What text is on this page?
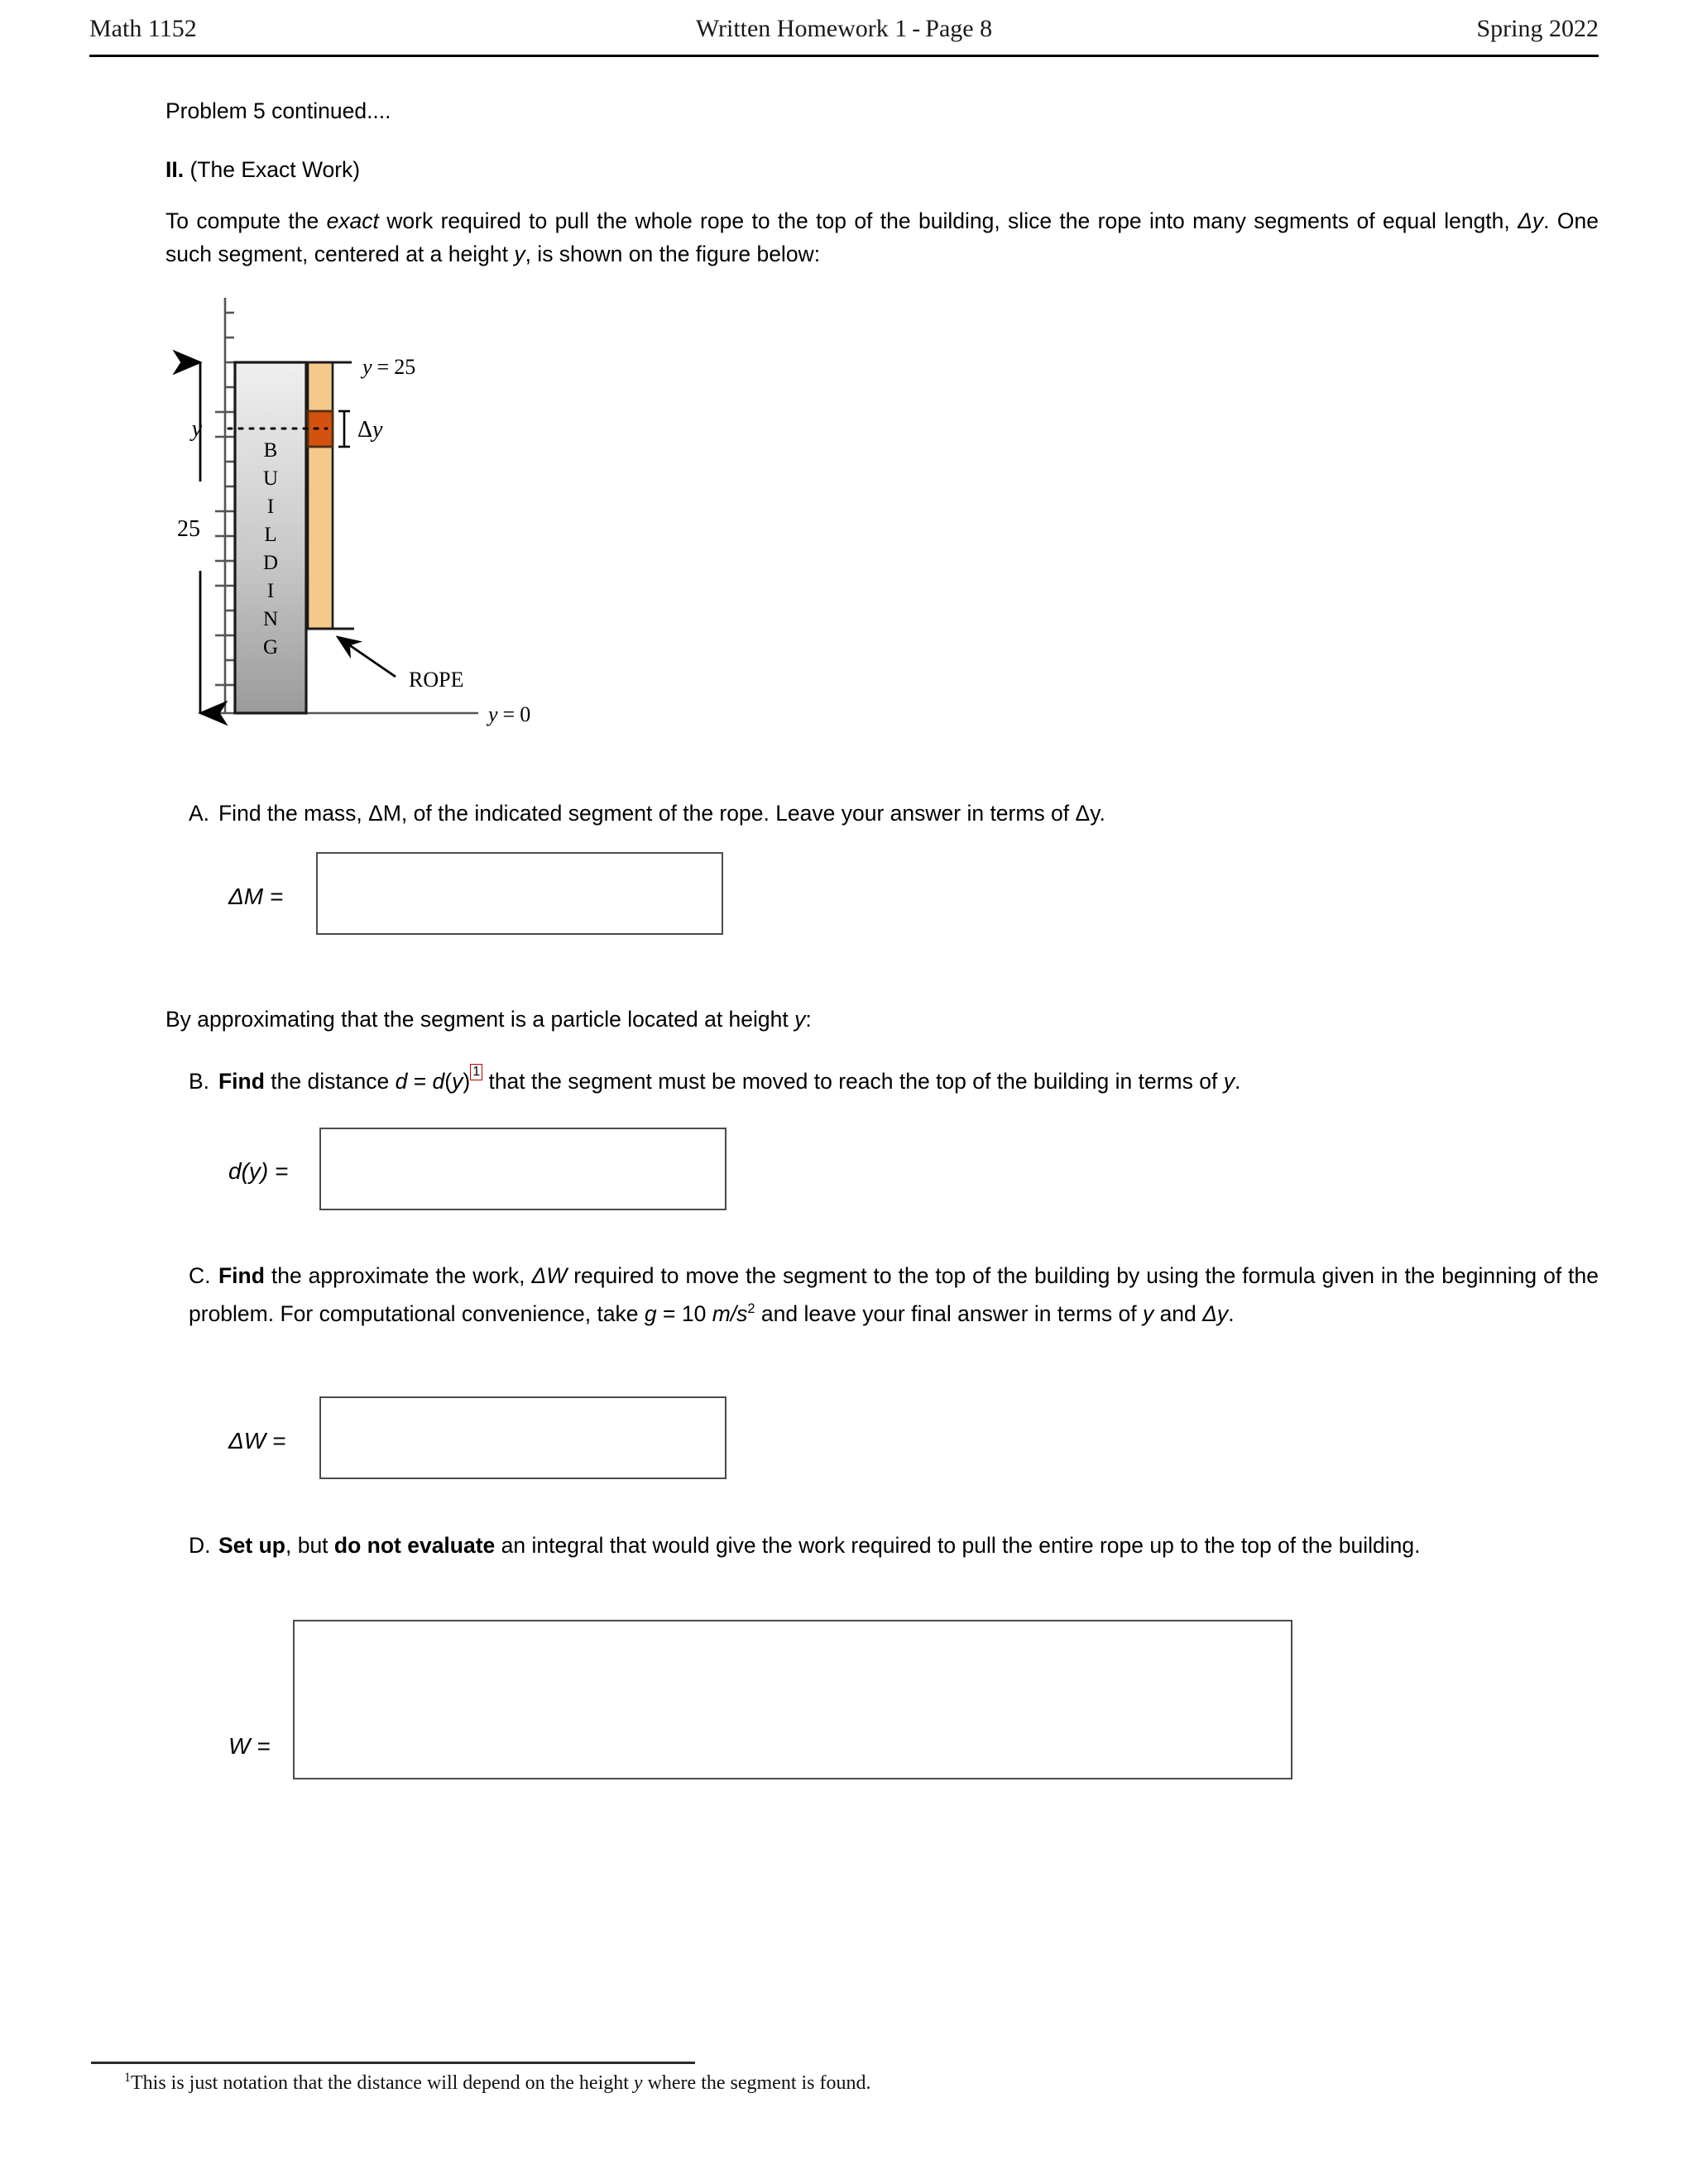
Math 1152	Written Homework 1 - Page 8	Spring 2022
Problem 5 continued....
II. (The Exact Work)
To compute the exact work required to pull the whole rope to the top of the building, slice the rope into many segments of equal length, Δy. One such segment, centered at a height y, is shown on the figure below:
y = 25
y = 0
Δy
y
25
ROPE
B
U
I
L
D
I
N
G
A. Find the mass, ΔM, of the indicated segment of the rope. Leave your answer in terms of Δy.
ΔM =
By approximating that the segment is a particle located at height y:
B. Find the distance d = d(y) 1 that the segment must be moved to reach the top of the building in terms of y.
d(y) =
C. Find the approximate the work, ΔW required to move the segment to the top of the building by using the formula given in the beginning of the problem. For computational convenience, take g = 10 $m/s^2$ and leave your final answer in terms of y and Δy.
ΔW =
D. Set up, but do not evaluate an integral that would give the work required to pull the entire rope up to the top of the building.
W =
$^1$This is just notation that the distance will depend on the height y where the segment is found.
